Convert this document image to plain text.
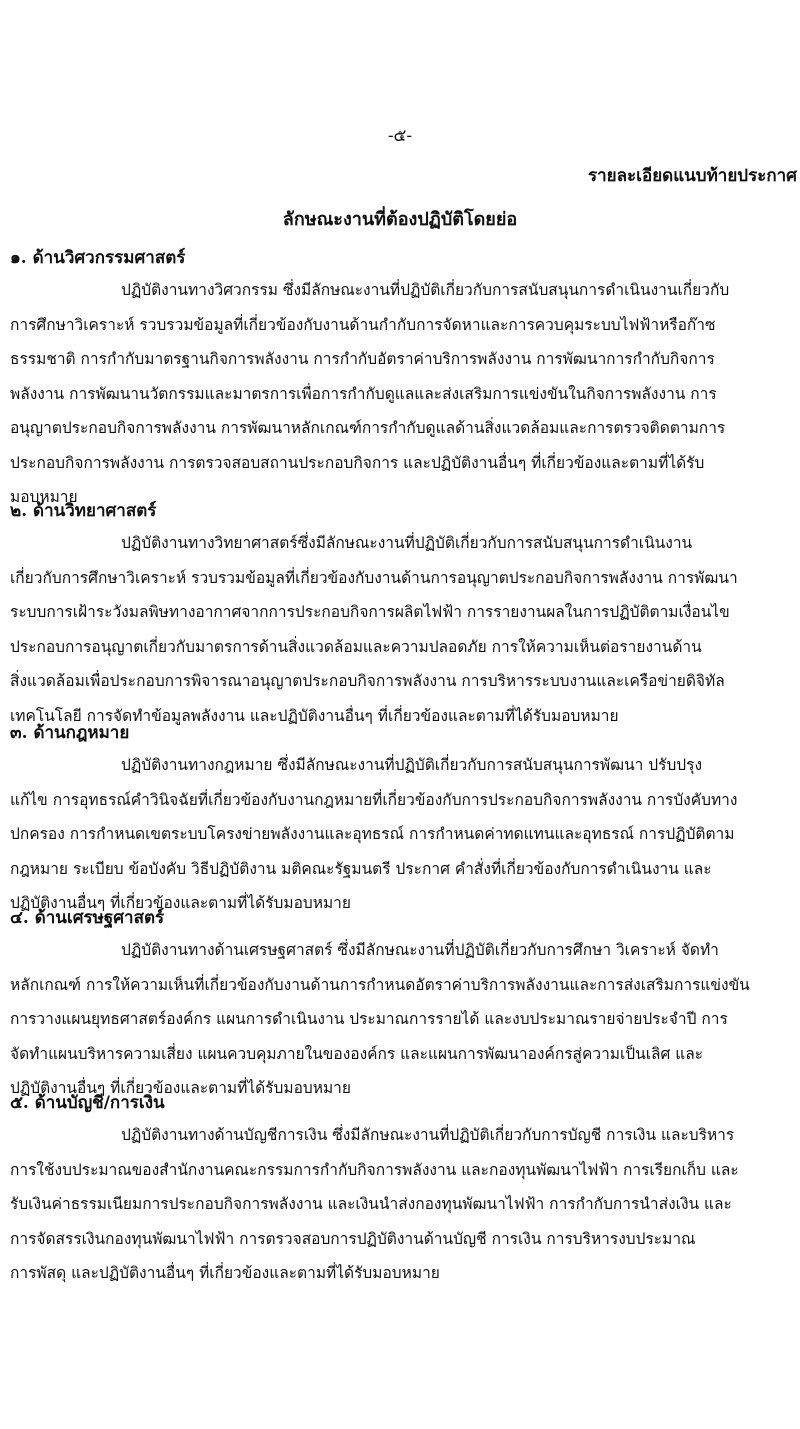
-๕-
รายละเอียดแนบท้ายประกาศ
ลักษณะงานที่ต้องปฏิบัติโดยย่อ
๑. ด้านวิศวกรรมศาสตร์
ปฏิบัติงานทางวิศวกรรม ซึ่งมีลักษณะงานที่ปฏิบัติเกี่ยวกับการสนับสนุนการดำเนินงานเกี่ยวกับ
การศึกษาวิเคราะห์ รวบรวมข้อมูลที่เกี่ยวข้องกับงานด้านกำกับการจัดหาและการควบคุมระบบไฟฟ้าหรือก๊าซ
ธรรมชาติ การกำกับมาตรฐานกิจการพลังงาน การกำกับอัตราค่าบริการพลังงาน การพัฒนาการกำกับกิจการ
พลังงาน การพัฒนานวัตกรรมและมาตรการเพื่อการกำกับดูแลและส่งเสริมการแข่งขันในกิจการพลังงาน การ
อนุญาตประกอบกิจการพลังงาน การพัฒนาหลักเกณฑ์การกำกับดูแลด้านสิ่งแวดล้อมและการตรวจติดตามการ
ประกอบกิจการพลังงาน การตรวจสอบสถานประกอบกิจการ และปฏิบัติงานอื่นๆ ที่เกี่ยวข้องและตามที่ได้รับ
มอบหมาย
๒. ด้านวิทยาศาสตร์
ปฏิบัติงานทางวิทยาศาสตร์ซึ่งมีลักษณะงานที่ปฏิบัติเกี่ยวกับการสนับสนุนการดำเนินงาน
เกี่ยวกับการศึกษาวิเคราะห์ รวบรวมข้อมูลที่เกี่ยวข้องกับงานด้านการอนุญาตประกอบกิจการพลังงาน การพัฒนา
ระบบการเฝ้าระวังมลพิษทางอากาศจากการประกอบกิจการผลิตไฟฟ้า การรายงานผลในการปฏิบัติตามเงื่อนไข
ประกอบการอนุญาตเกี่ยวกับมาตรการด้านสิ่งแวดล้อมและความปลอดภัย การให้ความเห็นต่อรายงานด้าน
สิ่งแวดล้อมเพื่อประกอบการพิจารณาอนุญาตประกอบกิจการพลังงาน การบริหารระบบงานและเครือข่ายดิจิทัล
เทคโนโลยี การจัดทำข้อมูลพลังงาน และปฏิบัติงานอื่นๆ ที่เกี่ยวข้องและตามที่ได้รับมอบหมาย
๓. ด้านกฎหมาย
ปฏิบัติงานทางกฎหมาย ซึ่งมีลักษณะงานที่ปฏิบัติเกี่ยวกับการสนับสนุนการพัฒนา ปรับปรุง
แก้ไข การอุทธรณ์คำวินิจฉัยที่เกี่ยวข้องกับงานกฎหมายที่เกี่ยวข้องกับการประกอบกิจการพลังงาน การบังคับทาง
ปกครอง การกำหนดเขตระบบโครงข่ายพลังงานและอุทธรณ์ การกำหนดค่าทดแทนและอุทธรณ์ การปฏิบัติตาม
กฎหมาย ระเบียบ ข้อบังคับ วิธีปฏิบัติงาน มติคณะรัฐมนตรี ประกาศ คำสั่งที่เกี่ยวข้องกับการดำเนินงาน และ
ปฏิบัติงานอื่นๆ ที่เกี่ยวข้องและตามที่ได้รับมอบหมาย
๔. ด้านเศรษฐศาสตร์
ปฏิบัติงานทางด้านเศรษฐศาสตร์ ซึ่งมีลักษณะงานที่ปฏิบัติเกี่ยวกับการศึกษา วิเคราะห์ จัดทำ
หลักเกณฑ์ การให้ความเห็นที่เกี่ยวข้องกับงานด้านการกำหนดอัตราค่าบริการพลังงานและการส่งเสริมการแข่งขัน
การวางแผนยุทธศาสตร์องค์กร แผนการดำเนินงาน ประมาณการรายได้ และงบประมาณรายจ่ายประจำปี การ
จัดทำแผนบริหารความเสี่ยง แผนควบคุมภายในขององค์กร และแผนการพัฒนาองค์กรสู่ความเป็นเลิศ และ
ปฏิบัติงานอื่นๆ ที่เกี่ยวข้องและตามที่ได้รับมอบหมาย
๕. ด้านบัญชี/การเงิน
ปฏิบัติงานทางด้านบัญชีการเงิน ซึ่งมีลักษณะงานที่ปฏิบัติเกี่ยวกับการบัญชี การเงิน และบริหาร
การใช้งบประมาณของสำนักงานคณะกรรมการกำกับกิจการพลังงาน และกองทุนพัฒนาไฟฟ้า การเรียกเก็บ และ
รับเงินค่าธรรมเนียมการประกอบกิจการพลังงาน และเงินนำส่งกองทุนพัฒนาไฟฟ้า การกำกับการนำส่งเงิน และ
การจัดสรรเงินกองทุนพัฒนาไฟฟ้า การตรวจสอบการปฏิบัติงานด้านบัญชี การเงิน การบริหารงบประมาณ
การพัสดุ และปฏิบัติงานอื่นๆ ที่เกี่ยวข้องและตามที่ได้รับมอบหมาย
